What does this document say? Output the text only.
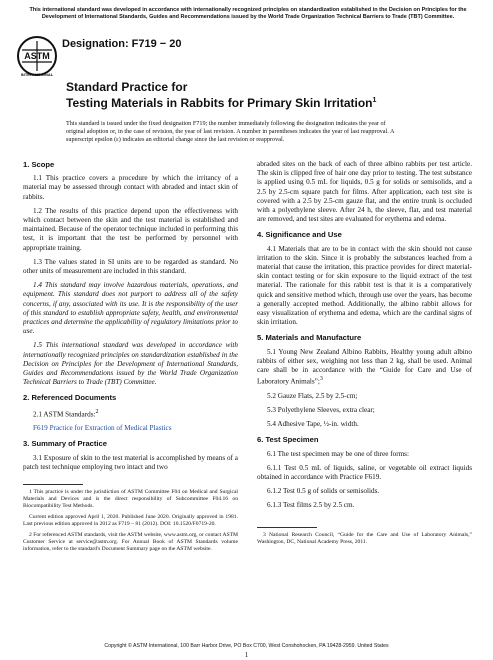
This international standard was developed in accordance with internationally recognized principles on standardization established in the Decision on Principles for the Development of International Standards, Guides and Recommendations issued by the World Trade Organization Technical Barriers to Trade (TBT) Committee.
ASTM
INTERNATIONAL
Designation: F719 − 20
Standard Practice for
Testing Materials in Rabbits for Primary Skin Irritation$^1$
This standard is issued under the fixed designation F719; the number immediately following the designation indicates the year of original adoption or, in the case of revision, the year of last revision. A number in parentheses indicates the year of last reapproval. A superscript epsilon (ε) indicates an editorial change since the last revision or reapproval.
1. Scope

1.1 This practice covers a procedure by which the irritancy of a material may be assessed through contact with abraded and intact skin of rabbits.

1.2 The results of this practice depend upon the effectiveness with which contact between the skin and the test material is established and maintained. Because of the operator technique included in performing this test, it is important that the test be performed by personnel with appropriate training.

1.3 The values stated in SI units are to be regarded as standard. No other units of measurement are included in this standard.

1.4 This standard may involve hazardous materials, operations, and equipment. This standard does not purport to address all of the safety concerns, if any, associated with its use. It is the responsibility of the user of this standard to establish appropriate safety, health, and environmental practices and determine the applicability of regulatory limitations prior to use.

1.5 This international standard was developed in accordance with internationally recognized principles on standardization established in the Decision on Principles for the Development of International Standards, Guides and Recommendations issued by the World Trade Organization Technical Barriers to Trade (TBT) Committee.

2. Referenced Documents

2.1 ASTM Standards:$^2$

F619 Practice for Extraction of Medical Plastics

3. Summary of Practice

3.1 Exposure of skin to the test material is accomplished by means of a patch test technique employing two intact and two

1 This practice is under the jurisdiction of ASTM Committee F04 on Medical and Surgical Materials and Devices and is the direct responsibility of Subcommittee F04.16 on Biocompatibility Test Methods.

Current edition approved April 1, 2020. Published June 2020. Originally approved in 1981. Last previous edition approved in 2012 as F719 – 81 (2012). DOI: 10.1520/F0719-20.

2 For referenced ASTM standards, visit the ASTM website, www.astm.org, or contact ASTM Customer Service at service@astm.org. For Annual Book of ASTM Standards volume information, refer to the standard's Document Summary page on the ASTM website.

abraded sites on the back of each of three albino rabbits per test article. The skin is clipped free of hair one day prior to testing. The test substance is applied using 0.5 mL for liquids, 0.5 g for solids or semisolids, and a 2.5 by 2.5-cm square patch for films. After application, each test site is covered with a 2.5 by 2.5-cm gauze flat, and the entire trunk is occluded with a polyethylene sleeve. After 24 h, the sleeve, flat, and test material are removed, and test sites are evaluated for erythema and edema.

4. Significance and Use

4.1 Materials that are to be in contact with the skin should not cause irritation to the skin. Since it is probably the substances leached from a material that cause the irritation, this practice provides for direct material-skin contact testing or for skin exposure to the liquid extract of the test material. The rationale for this rabbit test is that it is a comparatively quick and sensitive method which, through use over the years, has become a generally accepted method. Additionally, the albino rabbit allows for easy visualization of erythema and edema, which are the cardinal signs of skin irritation.

5. Materials and Manufacture

5.1 Young New Zealand Albino Rabbits, Healthy young adult albino rabbits of either sex, weighing not less than 2 kg, shall be used. Animal care shall be in accordance with the “Guide for Care and Use of Laboratory Animals”;$^3$

5.2 Gauze Flats, 2.5 by 2.5-cm;

5.3 Polyethylene Sleeves, extra clear;

5.4 Adhesive Tape, ½-in. width.

6. Test Specimen

6.1 The test specimen may be one of three forms:

6.1.1 Test 0.5 mL of liquids, saline, or vegetable oil extract liquids obtained in accordance with Practice F619.

6.1.2 Test 0.5 g of solids or semisolids.

6.1.3 Test films 2.5 by 2.5 cm.

3 National Research Council, “Guide for the Care and Use of Laboratory Animals,” Washington, DC, National Academy Press, 2011.

Copyright © ASTM International, 100 Barr Harbor Drive, PO Box C700, West Conshohocken, PA 19428-2959. United States
1
